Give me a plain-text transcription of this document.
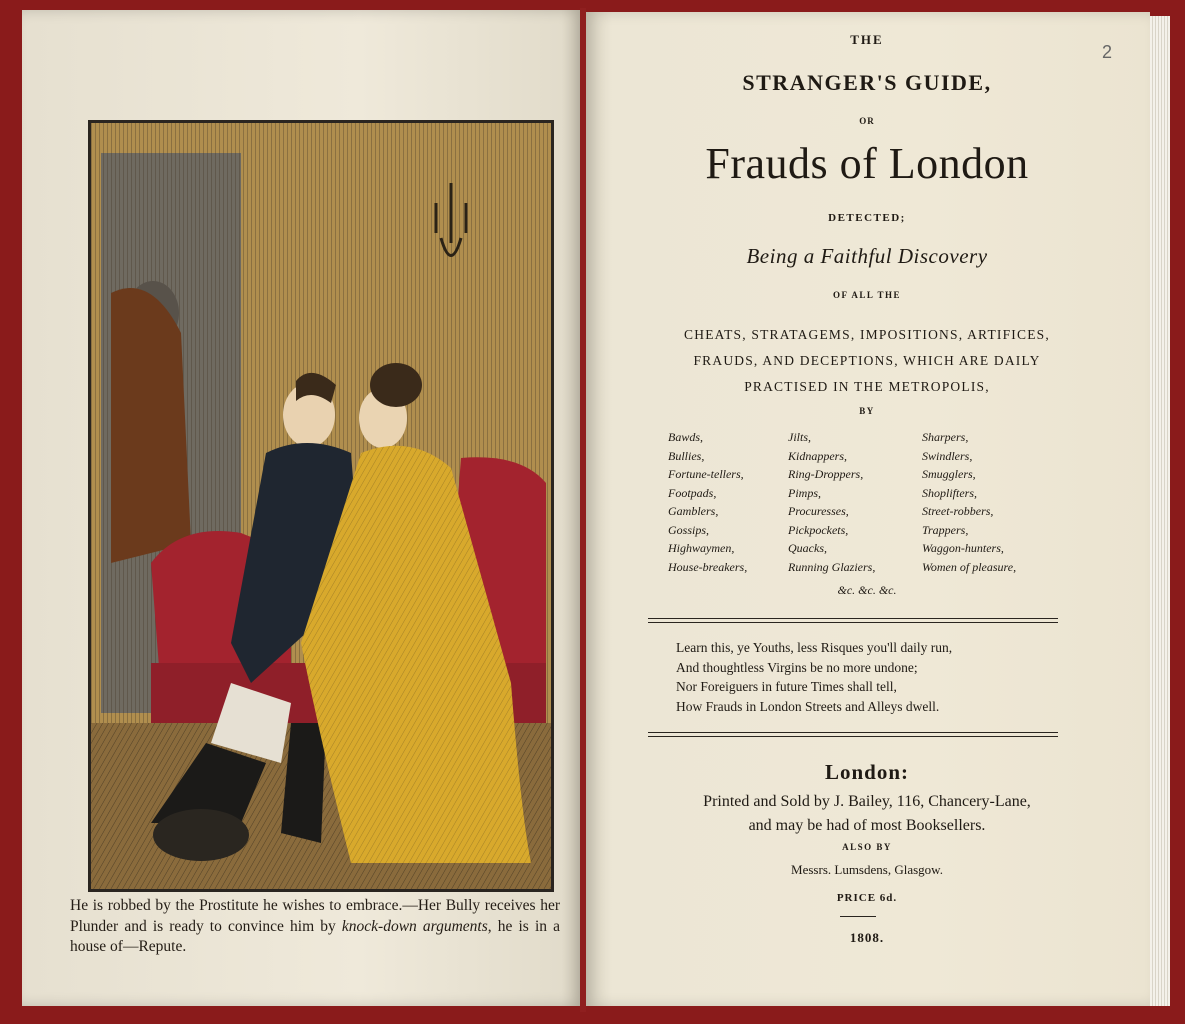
He is robbed by the Prostitute he wishes to embrace.—Her Bully receives her Plunder and is ready to convince him by knock-down arguments, he is in a house of—Repute.
2
THE
STRANGER'S GUIDE,
OR
Frauds of London
DETECTED;
Being a Faithful Discovery
OF ALL THE
CHEATS, STRATAGEMS, IMPOSITIONS, ARTIFICES,
FRAUDS, AND DECEPTIONS, WHICH ARE DAILY
PRACTISED IN THE METROPOLIS,
BY
Bawds,
Bullies,
Fortune-tellers,
Footpads,
Gamblers,
Gossips,
Highwaymen,
House-breakers,
Jilts,
Kidnappers,
Ring-Droppers,
Pimps,
Procuresses,
Pickpockets,
Quacks,
Running Glaziers,
Sharpers,
Swindlers,
Smugglers,
Shoplifters,
Street-robbers,
Trappers,
Waggon-hunters,
Women of pleasure,
&c. &c. &c.
Learn this, ye Youths, less Risques you'll daily run,
And thoughtless Virgins be no more undone;
Nor Foreiguers in future Times shall tell,
How Frauds in London Streets and Alleys dwell.
London:
Printed and Sold by J. Bailey, 116, Chancery-Lane,
and may be had of most Booksellers.
ALSO BY
Messrs. Lumsdens, Glasgow.
PRICE 6d.
1808.
